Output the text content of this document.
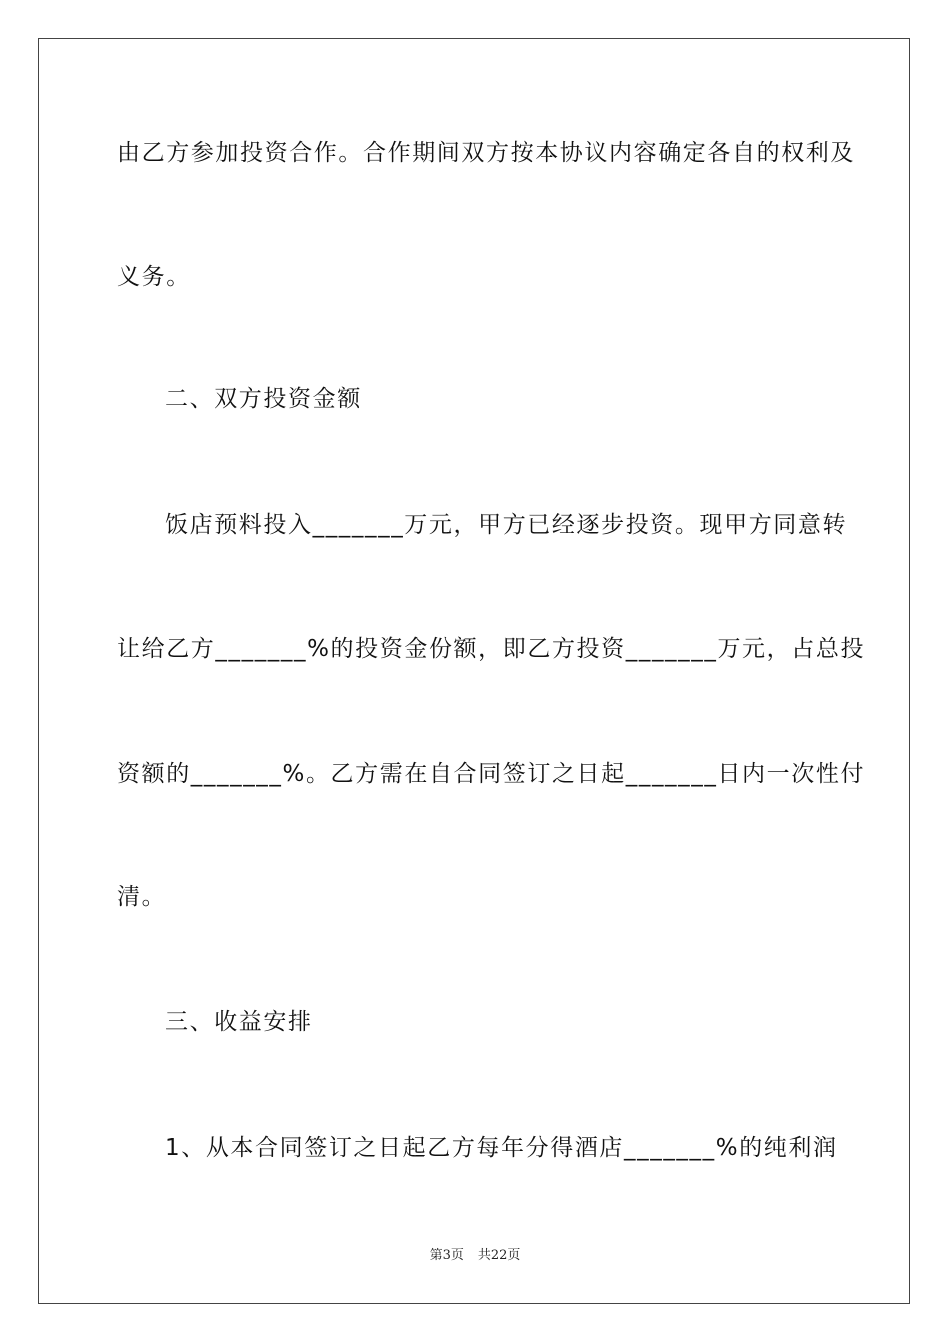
由乙方参加投资合作。合作期间双方按本协议内容确定各自的权利及
义务。
二、双方投资金额
饭店预料投入_______万元，甲方已经逐步投资。现甲方同意转
让给乙方_______%的投资金份额，即乙方投资_______万元，占总投
资额的_______%。乙方需在自合同签订之日起_______日内一次性付
清。
三、收益安排
1、从本合同签订之日起乙方每年分得酒店_______%的纯利润
第3页 共22页
